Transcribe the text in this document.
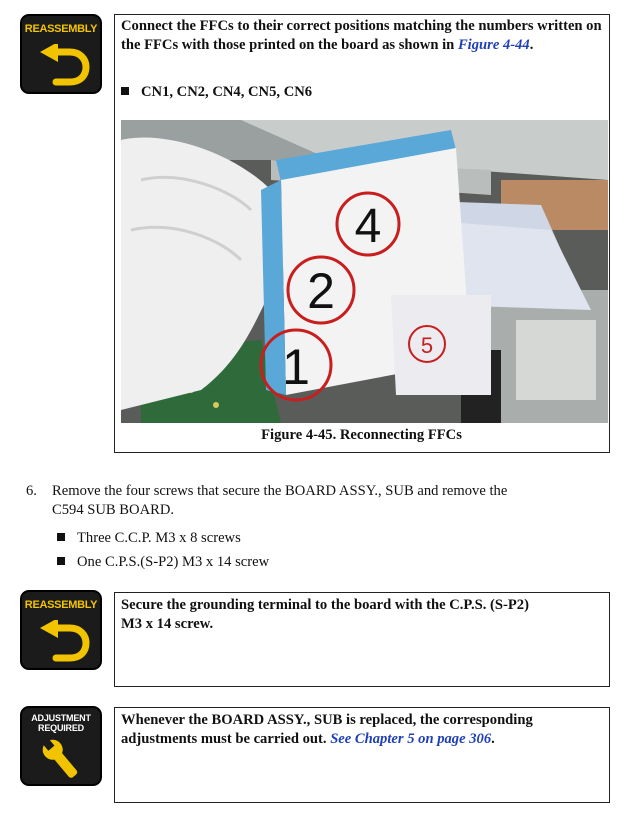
REASSEMBLY Connect the FFCs to their correct positions matching the numbers written on the FFCs with those printed on the board as shown in Figure 4-44.
CN1, CN2, CN4, CN5, CN6
4
2
1	5
Figure 4-45. Reconnecting FFCs
6. Remove the four screws that secure the BOARD ASSY., SUB and remove the
C594 SUB BOARD.
Three C.C.P. M3 x 8 screws
One C.P.S.(S-P2) M3 x 14 screw
REASSEMBLY Secure the grounding terminal to the board with the C.P.S. (S-P2)
M3 x 14 screw.
ADJUSTMENT
REQUIRED	Whenever the BOARD ASSY., SUB is replaced, the corresponding
adjustments must be carried out. See Chapter 5 on page 306.
